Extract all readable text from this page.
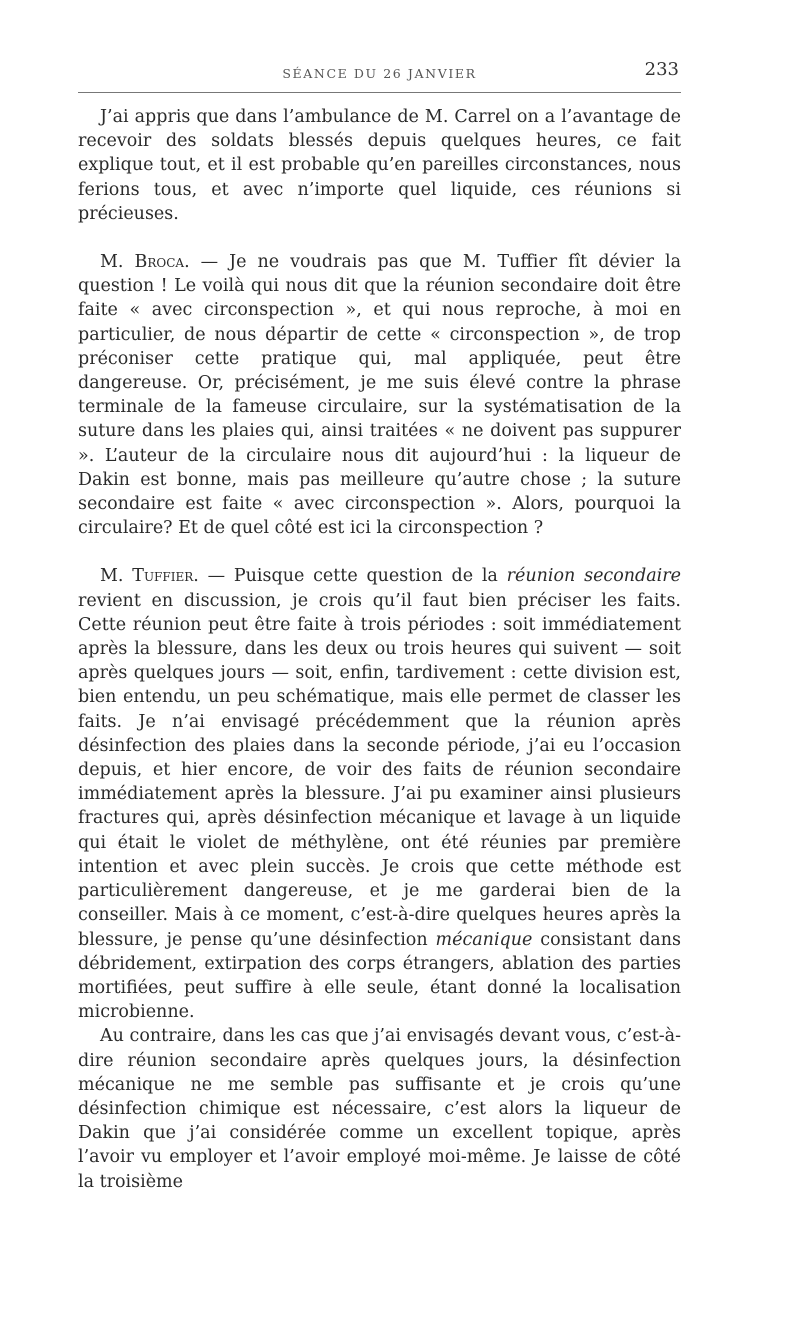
SÉANCE DU 26 JANVIER	233

J’ai appris que dans l’ambulance de M. Carrel on a l’avantage de recevoir des soldats blessés depuis quelques heures, ce fait explique tout, et il est probable qu’en pareilles circonstances, nous ferions tous, et avec n’importe quel liquide, ces réunions si précieuses.

M. Broca. — Je ne voudrais pas que M. Tuffier fît dévier la question ! Le voilà qui nous dit que la réunion secondaire doit être faite « avec circonspection », et qui nous reproche, à moi en particulier, de nous départir de cette « circonspection », de trop préconiser cette pratique qui, mal appliquée, peut être dangereuse. Or, précisément, je me suis élevé contre la phrase terminale de la fameuse circulaire, sur la systématisation de la suture dans les plaies qui, ainsi traitées « ne doivent pas suppurer ». L’auteur de la circulaire nous dit aujourd’hui : la liqueur de Dakin est bonne, mais pas meilleure qu’autre chose ; la suture secondaire est faite « avec circonspection ». Alors, pourquoi la circulaire? Et de quel côté est ici la circonspection ?

M. Tuffier. — Puisque cette question de la réunion secondaire revient en discussion, je crois qu’il faut bien préciser les faits. Cette réunion peut être faite à trois périodes : soit immédiatement après la blessure, dans les deux ou trois heures qui suivent — soit après quelques jours — soit, enfin, tardivement : cette division est, bien entendu, un peu schématique, mais elle permet de classer les faits. Je n’ai envisagé précédemment que la réunion après désinfection des plaies dans la seconde période, j’ai eu l’occasion depuis, et hier encore, de voir des faits de réunion secondaire immédiatement après la blessure. J’ai pu examiner ainsi plusieurs fractures qui, après désinfection mécanique et lavage à un liquide qui était le violet de méthylène, ont été réunies par première intention et avec plein succès. Je crois que cette méthode est particulièrement dangereuse, et je me garderai bien de la conseiller. Mais à ce moment, c’est-à-dire quelques heures après la blessure, je pense qu’une désinfection mécanique consistant dans débridement, extirpation des corps étrangers, ablation des parties mortifiées, peut suffire à elle seule, étant donné la localisation microbienne.

Au contraire, dans les cas que j’ai envisagés devant vous, c’est-à-dire réunion secondaire après quelques jours, la désinfection mécanique ne me semble pas suffisante et je crois qu’une désinfection chimique est nécessaire, c’est alors la liqueur de Dakin que j’ai considérée comme un excellent topique, après l’avoir vu employer et l’avoir employé moi-même. Je laisse de côté la troisième
